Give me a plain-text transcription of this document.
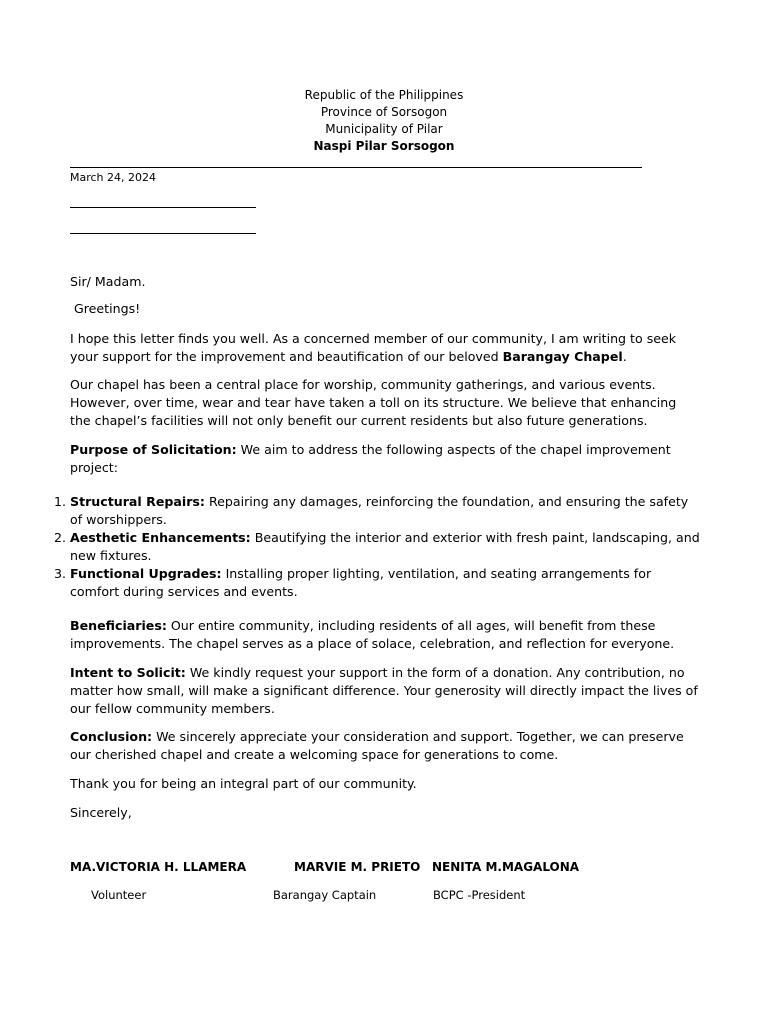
Republic of the Philippines
Province of Sorsogon
Municipality of Pilar
Naspi Pilar Sorsogon
March 24, 2024
Sir/ Madam.
Greetings!
I hope this letter finds you well. As a concerned member of our community, I am writing to seek your support for the improvement and beautification of our beloved Barangay Chapel.
Our chapel has been a central place for worship, community gatherings, and various events. However, over time, wear and tear have taken a toll on its structure. We believe that enhancing the chapel’s facilities will not only benefit our current residents but also future generations.
Purpose of Solicitation: We aim to address the following aspects of the chapel improvement project:
1. Structural Repairs: Repairing any damages, reinforcing the foundation, and ensuring the safety of worshippers.
2. Aesthetic Enhancements: Beautifying the interior and exterior with fresh paint, landscaping, and new fixtures.
3. Functional Upgrades: Installing proper lighting, ventilation, and seating arrangements for comfort during services and events.
Beneficiaries: Our entire community, including residents of all ages, will benefit from these improvements. The chapel serves as a place of solace, celebration, and reflection for everyone.
Intent to Solicit: We kindly request your support in the form of a donation. Any contribution, no matter how small, will make a significant difference. Your generosity will directly impact the lives of our fellow community members.
Conclusion: We sincerely appreciate your consideration and support. Together, we can preserve our cherished chapel and create a welcoming space for generations to come.
Thank you for being an integral part of our community.
Sincerely,
MA.VICTORIA H. LLAMERA	MARVIE M. PRIETO NENITA M.MAGALONA
Volunteer	Barangay Captain	BCPC -President
